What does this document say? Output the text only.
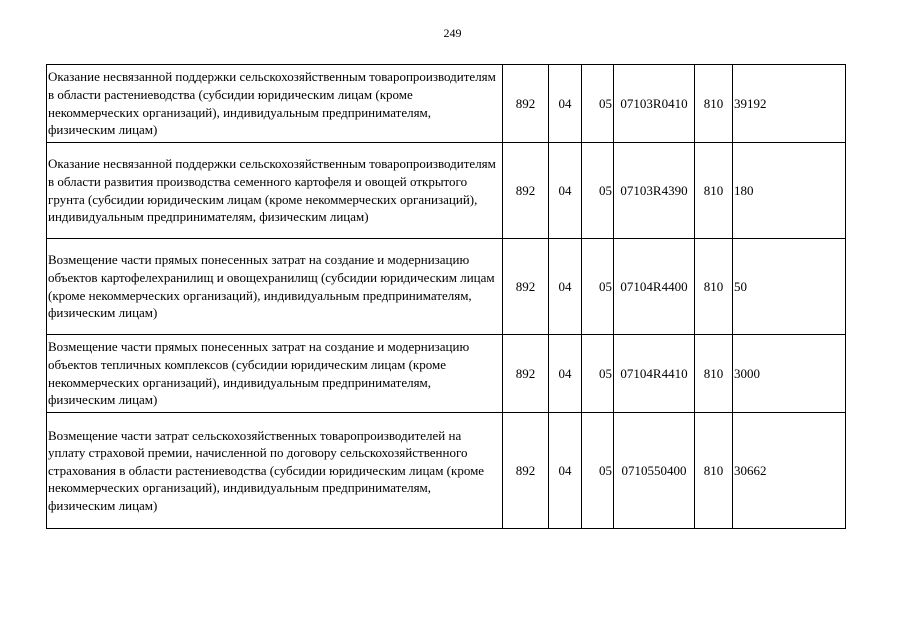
249
Оказание несвязанной поддержки сельскохозяйственным товаропроизводителям в области растениеводства (субсидии юридическим лицам (кроме некоммерческих организаций), индивидуальным предпринимателям, физическим лицам)	892	04	05	07103R0410	810	39192
Оказание несвязанной поддержки сельскохозяйственным товаропроизводителям в области развития производства семенного картофеля и овощей открытого грунта (субсидии юридическим лицам (кроме некоммерческих организаций), индивидуальным предпринимателям, физическим лицам)	892	04	05	07103R4390	810	180
Возмещение части прямых понесенных затрат на создание и модернизацию объектов картофелехранилищ и овощехранилищ (субсидии юридическим лицам (кроме некоммерческих организаций), индивидуальным предпринимателям, физическим лицам)	892	04	05	07104R4400	810	50
Возмещение части прямых понесенных затрат на создание и модернизацию объектов тепличных комплексов (субсидии юридическим лицам (кроме некоммерческих организаций), индивидуальным предпринимателям, физическим лицам)	892	04	05	07104R4410	810	3000
Возмещение части затрат сельскохозяйственных товаропроизводителей на уплату страховой премии, начисленной по договору сельскохозяйственного страхования в области растениеводства (субсидии юридическим лицам (кроме некоммерческих организаций), индивидуальным предпринимателям, физическим лицам)	892	04	05	0710550400	810	30662
